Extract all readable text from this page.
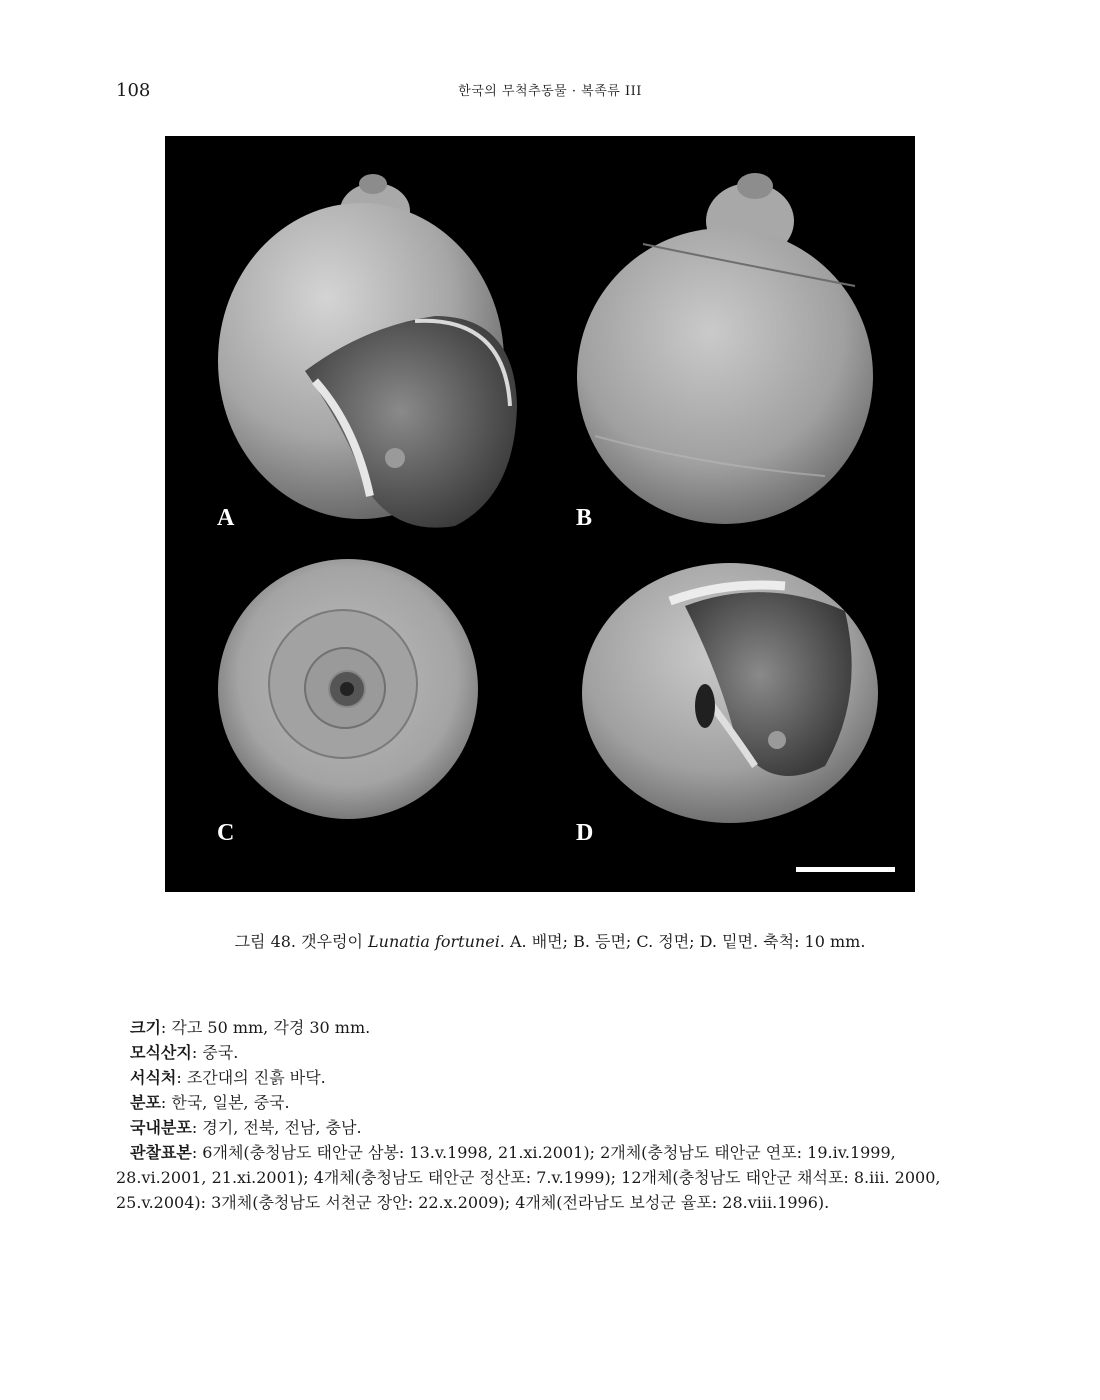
108	한국의 무척추동물 · 복족류 III
A	B
C	D
그림 48. 갯우렁이 Lunatia fortunei. A. 배면; B. 등면; C. 정면; D. 밑면. 축척: 10 mm.

크기: 각고 50 mm, 각경 30 mm.

모식산지: 중국.

서식처: 조간대의 진흙 바닥.

분포: 한국, 일본, 중국.

국내분포: 경기, 전북, 전남, 충남.

관찰표본: 6개체(충청남도 태안군 삼봉: 13.v.1998, 21.xi.2001); 2개체(충청남도 태안군 연포: 19.iv.1999, 28.vi.2001, 21.xi.2001); 4개체(충청남도 태안군 정산포: 7.v.1999); 12개체(충청남도 태안군 채석포: 8.iii. 2000, 25.v.2004): 3개체(충청남도 서천군 장안: 22.x.2009); 4개체(전라남도 보성군 율포: 28.viii.1996).
